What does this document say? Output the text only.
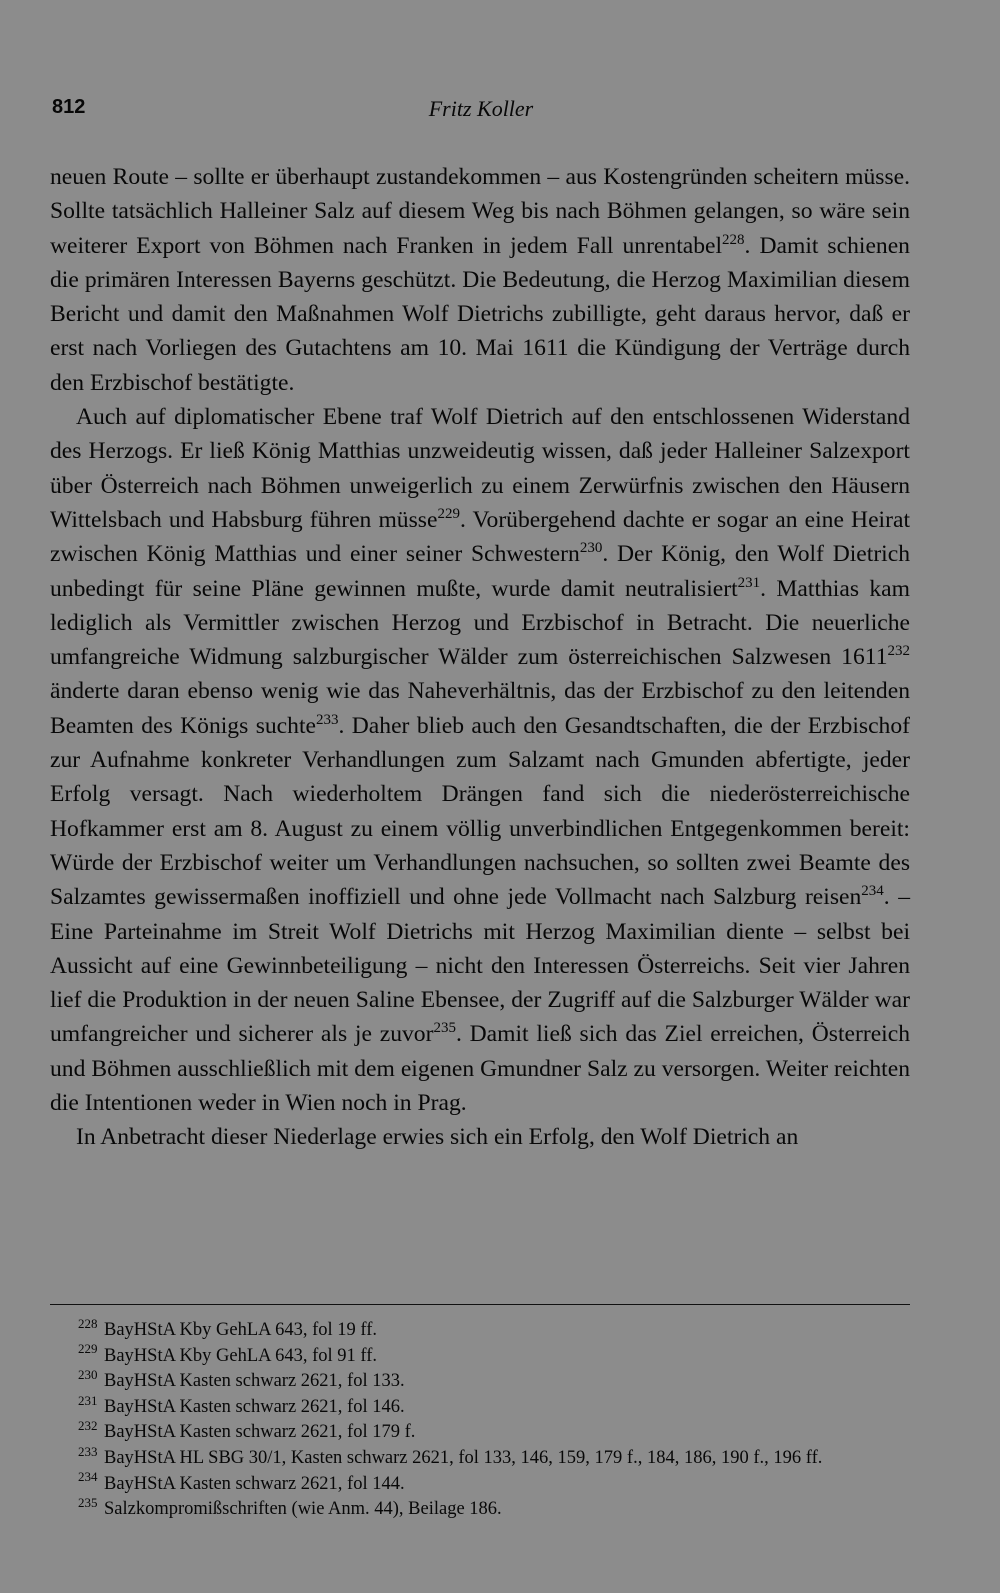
812	Fritz Koller

neuen Route – sollte er überhaupt zustandekommen – aus Kostengründen scheitern müsse. Sollte tatsächlich Halleiner Salz auf diesem Weg bis nach Böhmen gelangen, so wäre sein weiterer Export von Böhmen nach Franken in jedem Fall unrentabel$^{228}$. Damit schienen die primären Interessen Bayerns geschützt. Die Bedeutung, die Herzog Maximilian diesem Bericht und damit den Maßnahmen Wolf Dietrichs zubilligte, geht daraus hervor, daß er erst nach Vorliegen des Gutachtens am 10. Mai 1611 die Kündigung der Verträge durch den Erzbischof bestätigte.

Auch auf diplomatischer Ebene traf Wolf Dietrich auf den entschlossenen Widerstand des Herzogs. Er ließ König Matthias unzweideutig wissen, daß jeder Halleiner Salzexport über Österreich nach Böhmen unweigerlich zu einem Zerwürfnis zwischen den Häusern Wittelsbach und Habsburg führen müsse$^{229}$. Vorübergehend dachte er sogar an eine Heirat zwischen König Matthias und einer seiner Schwestern$^{230}$. Der König, den Wolf Dietrich unbedingt für seine Pläne gewinnen mußte, wurde damit neutralisiert$^{231}$. Matthias kam lediglich als Vermittler zwischen Herzog und Erzbischof in Betracht. Die neuerliche umfangreiche Widmung salzburgischer Wälder zum österreichischen Salzwesen 1611$^{232}$ änderte daran ebenso wenig wie das Naheverhältnis, das der Erzbischof zu den leitenden Beamten des Königs suchte$^{233}$. Daher blieb auch den Gesandtschaften, die der Erzbischof zur Aufnahme konkreter Verhandlungen zum Salzamt nach Gmunden abfertigte, jeder Erfolg versagt. Nach wiederholtem Drängen fand sich die niederösterreichische Hofkammer erst am 8. August zu einem völlig unverbindlichen Entgegenkommen bereit: Würde der Erzbischof weiter um Verhandlungen nachsuchen, so sollten zwei Beamte des Salzamtes gewissermaßen inoffiziell und ohne jede Vollmacht nach Salzburg reisen$^{234}$. – Eine Parteinahme im Streit Wolf Dietrichs mit Herzog Maximilian diente – selbst bei Aussicht auf eine Gewinnbeteiligung – nicht den Interessen Österreichs. Seit vier Jahren lief die Produktion in der neuen Saline Ebensee, der Zugriff auf die Salzburger Wälder war umfangreicher und sicherer als je zuvor$^{235}$. Damit ließ sich das Ziel erreichen, Österreich und Böhmen ausschließlich mit dem eigenen Gmundner Salz zu versorgen. Weiter reichten die Intentionen weder in Wien noch in Prag.

In Anbetracht dieser Niederlage erwies sich ein Erfolg, den Wolf Dietrich an

228 BayHStA Kby GehLA 643, fol 19 ff.

229 BayHStA Kby GehLA 643, fol 91 ff.

230 BayHStA Kasten schwarz 2621, fol 133.

231 BayHStA Kasten schwarz 2621, fol 146.

232 BayHStA Kasten schwarz 2621, fol 179 f.

233 BayHStA HL SBG 30/1, Kasten schwarz 2621, fol 133, 146, 159, 179 f., 184, 186, 190 f., 196 ff.

234 BayHStA Kasten schwarz 2621, fol 144.

235 Salzkompromißschriften (wie Anm. 44), Beilage 186.
